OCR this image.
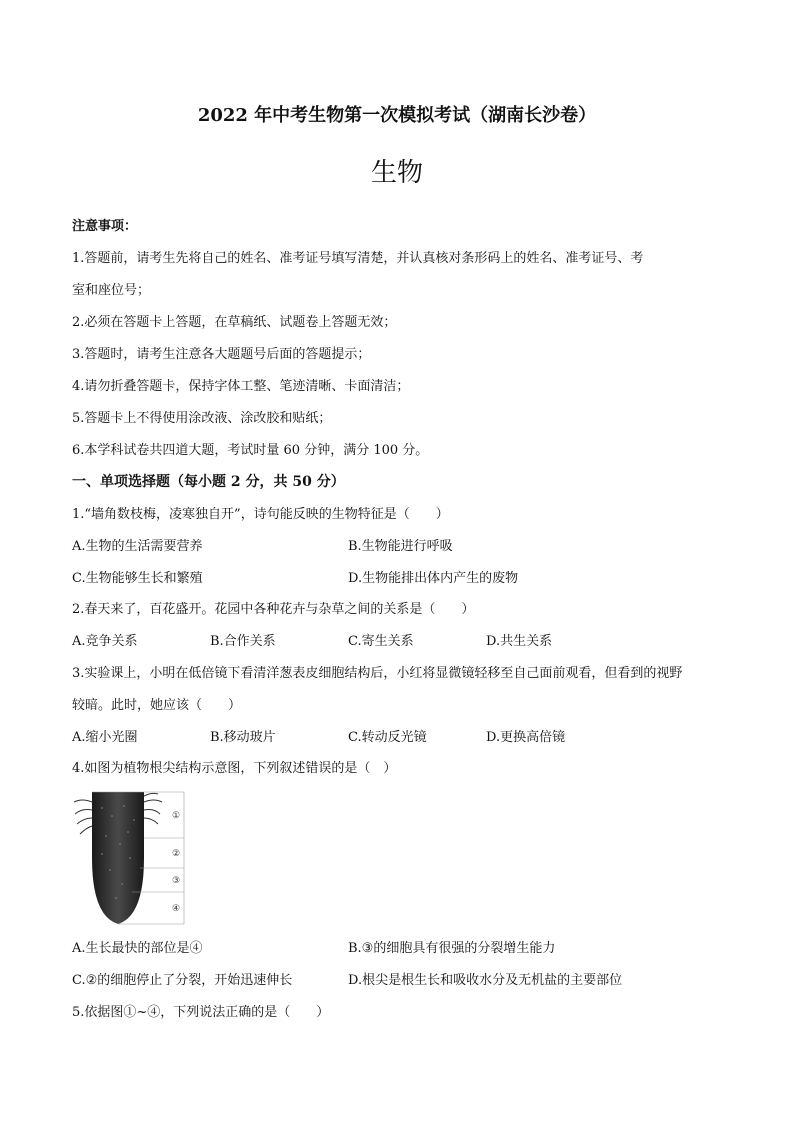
2022 年中考生物第一次模拟考试（湖南长沙卷）
生物
注意事项：
1.答题前，请考生先将自己的姓名、准考证号填写清楚，并认真核对条形码上的姓名、准考证号、考
室和座位号；
2.必须在答题卡上答题，在草稿纸、试题卷上答题无效；
3.答题时，请考生注意各大题题号后面的答题提示；
4.请勿折叠答题卡，保持字体工整、笔迹清晰、卡面清洁；
5.答题卡上不得使用涂改液、涂改胶和贴纸；
6.本学科试卷共四道大题，考试时量 60 分钟，满分 100 分。
一、单项选择题（每小题 2 分，共 50 分）
1.“墙角数枝梅，凌寒独自开”，诗句能反映的生物特征是（　　）
A.生物的生活需要营养	B.生物能进行呼吸
C.生物能够生长和繁殖	D.生物能排出体内产生的废物
2.春天来了，百花盛开。花园中各种花卉与杂草之间的关系是（　　）
A.竞争关系	B.合作关系	C.寄生关系	D.共生关系
3.实验课上，小明在低倍镜下看清洋葱表皮细胞结构后，小红将显微镜轻移至自己面前观看，但看到的视野
较暗。此时，她应该（　　）
A.缩小光圈	B.移动玻片	C.转动反光镜	D.更换高倍镜
4.如图为植物根尖结构示意图，下列叙述错误的是（　）
①
②
③
④
A.生长最快的部位是④	B.③的细胞具有很强的分裂增生能力
C.②的细胞停止了分裂，开始迅速伸长	D.根尖是根生长和吸收水分及无机盐的主要部位
5.依据图①~④，下列说法正确的是（　　）
